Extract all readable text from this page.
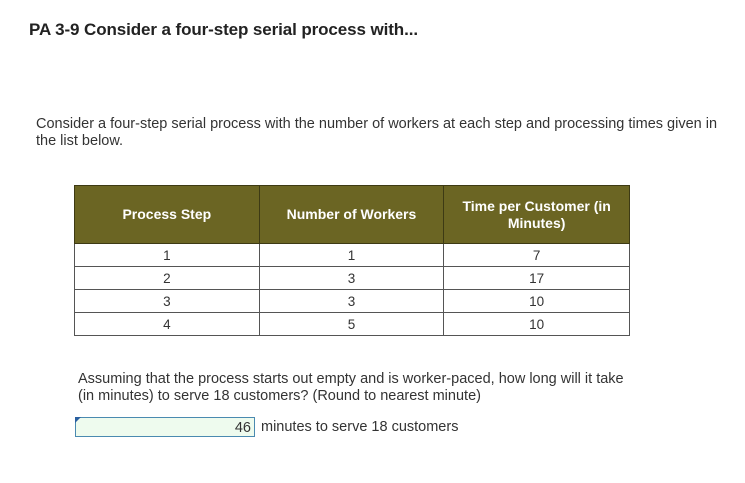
PA 3-9 Consider a four-step serial process with...
Consider a four-step serial process with the number of workers at each step and processing times given in the list below.
Process Step	Number of Workers	Time per Customer (in Minutes)
1	1	7
2	3	17
3	3	10
4	5	10
Assuming that the process starts out empty and is worker-paced, how long will it take (in minutes) to serve 18 customers? (Round to nearest minute)
46 minutes to serve 18 customers
